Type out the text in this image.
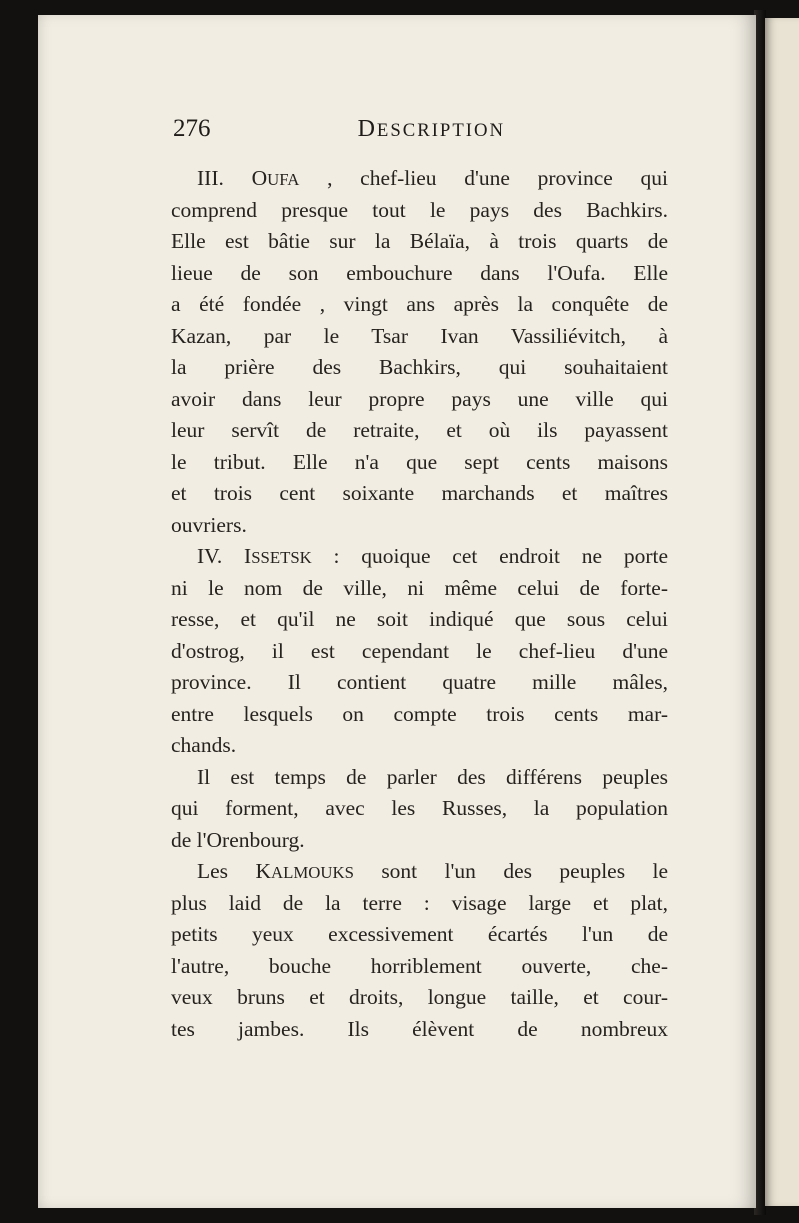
276	DESCRIPTION
III. OUFA , chef-lieu d'une province qui
comprend presque tout le pays des Bachkirs.
Elle est bâtie sur la Bélaïa, à trois quarts de
lieue de son embouchure dans l'Oufa. Elle
a été fondée , vingt ans après la conquête de
Kazan, par le Tsar Ivan Vassiliévitch, à
la prière des Bachkirs, qui souhaitaient
avoir dans leur propre pays une ville qui
leur servît de retraite, et où ils payassent
le tribut. Elle n'a que sept cents maisons
et trois cent soixante marchands et maîtres
ouvriers.
IV. ISSETSK : quoique cet endroit ne porte
ni le nom de ville, ni même celui de forte-
resse, et qu'il ne soit indiqué que sous celui
d'ostrog, il est cependant le chef-lieu d'une
province. Il contient quatre mille mâles,
entre lesquels on compte trois cents mar-
chands.
Il est temps de parler des différens peuples
qui forment, avec les Russes, la population
de l'Orenbourg.
Les KALMOUKS sont l'un des peuples le
plus laid de la terre : visage large et plat,
petits yeux excessivement écartés l'un de
l'autre, bouche horriblement ouverte, che-
veux bruns et droits, longue taille, et cour-
tes jambes. Ils élèvent de nombreux
